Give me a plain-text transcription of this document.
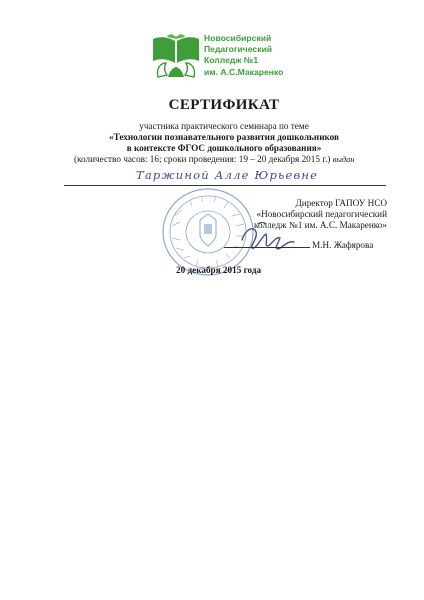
Новосибирский
Педагогический
Колледж №1
им. А.С.Макаренко
СЕРТИФИКАТ
участника практического семинара по теме
«Технологии познавательного развития дошкольников
в контексте ФГОС дошкольного образования»
(количество часов: 16; сроки проведения: 19 – 20 декабря 2015 г.) выдан
Таржиной Алле Юрьевне
Директор ГАПОУ НСО
«Новосибирский педагогический
колледж №1 им. А.С. Макаренко»
М.Н. Жафярова
20 декабря 2015 года
